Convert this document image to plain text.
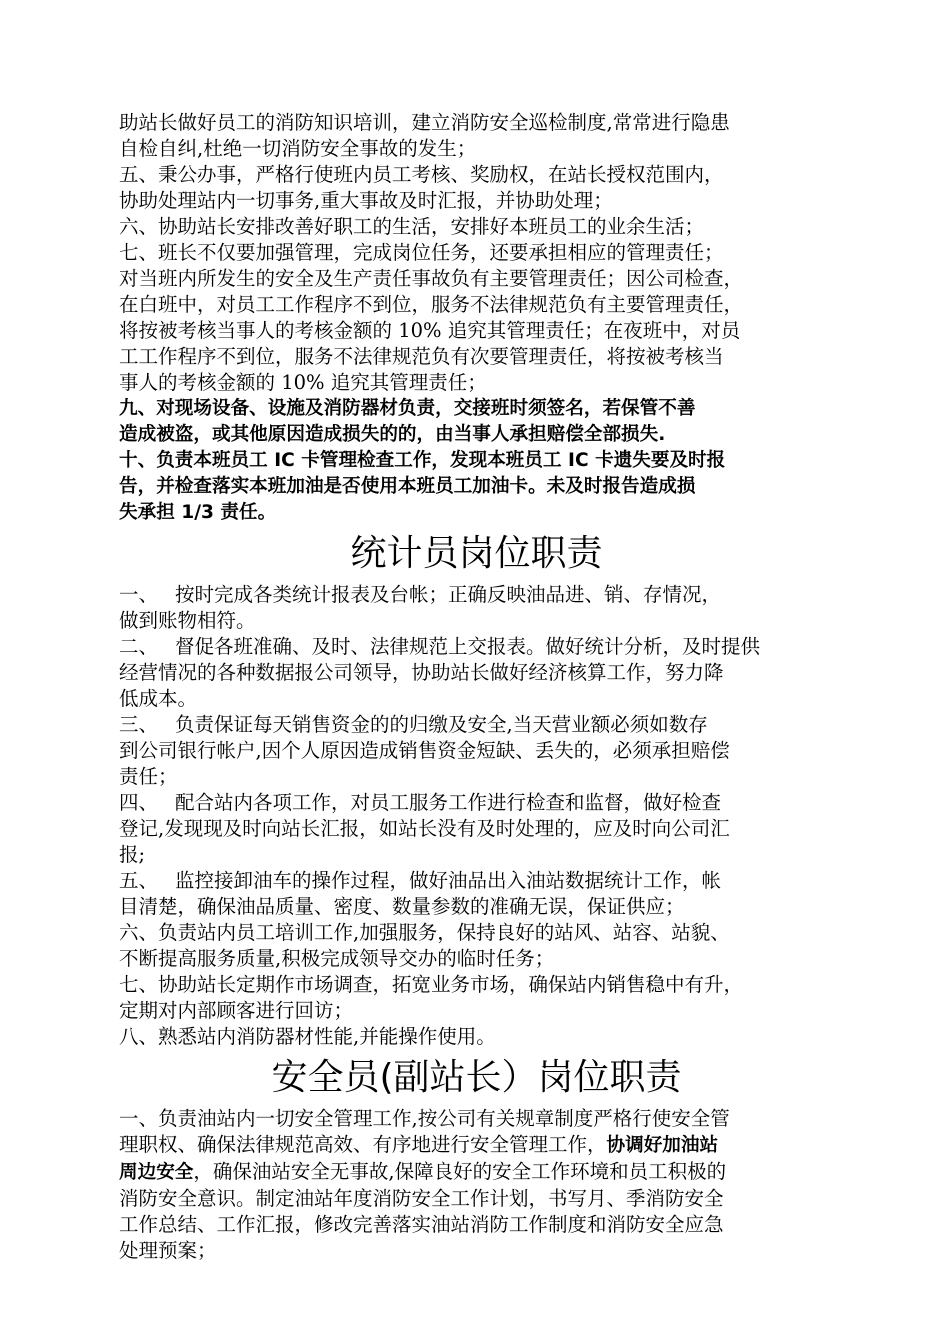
助站长做好员工的消防知识培训，建立消防安全巡检制度,常常进行隐患

自检自纠,杜绝一切消防安全事故的发生；

五、秉公办事，严格行使班内员工考核、奖励权，在站长授权范围内，

协助处理站内一切事务,重大事故及时汇报，并协助处理；

六、协助站长安排改善好职工的生活，安排好本班员工的业余生活；

七、班长不仅要加强管理，完成岗位任务，还要承担相应的管理责任；

对当班内所发生的安全及生产责任事故负有主要管理责任；因公司检查，

在白班中，对员工工作程序不到位，服务不法律规范负有主要管理责任，

将按被考核当事人的考核金额的 10% 追究其管理责任；在夜班中，对员

工工作程序不到位，服务不法律规范负有次要管理责任，将按被考核当

事人的考核金额的 10% 追究其管理责任；

九、对现场设备、设施及消防器材负责，交接班时须签名，若保管不善

造成被盗，或其他原因造成损失的的，由当事人承担赔偿全部损失.

十、负责本班员工 IC 卡管理检查工作，发现本班员工 IC 卡遗失要及时报

告，并检查落实本班加油是否使用本班员工加油卡。未及时报告造成损

失承担 1/3 责任。

统计员岗位职责
一、 按时完成各类统计报表及台帐；正确反映油品进、销、存情况，

做到账物相符。

二、 督促各班准确、及时、法律规范上交报表。做好统计分析，及时提供

经营情况的各种数据报公司领导，协助站长做好经济核算工作，努力降

低成本。

三、 负责保证每天销售资金的的归缴及安全,当天营业额必须如数存

到公司银行帐户,因个人原因造成销售资金短缺、丢失的，必须承担赔偿

责任；

四、 配合站内各项工作，对员工服务工作进行检查和监督，做好检查

登记,发现现及时向站长汇报，如站长没有及时处理的，应及时向公司汇

报;

五、 监控接卸油车的操作过程，做好油品出入油站数据统计工作，帐

目清楚，确保油品质量、密度、数量参数的准确无误，保证供应；

六、负责站内员工培训工作,加强服务，保持良好的站风、站容、站貌、

不断提高服务质量,积极完成领导交办的临时任务；

七、协助站长定期作市场调查，拓宽业务市场，确保站内销售稳中有升，

定期对内部顾客进行回访；

八、熟悉站内消防器材性能,并能操作使用。

安全员(副站长）岗位职责

一、负责油站内一切安全管理工作,按公司有关规章制度严格行使安全管

理职权、确保法律规范高效、有序地进行安全管理工作，协调好加油站

周边安全，确保油站安全无事故,保障良好的安全工作环境和员工积极的

消防安全意识。制定油站年度消防安全工作计划，书写月、季消防安全

工作总结、工作汇报，修改完善落实油站消防工作制度和消防安全应急

处理预案；
